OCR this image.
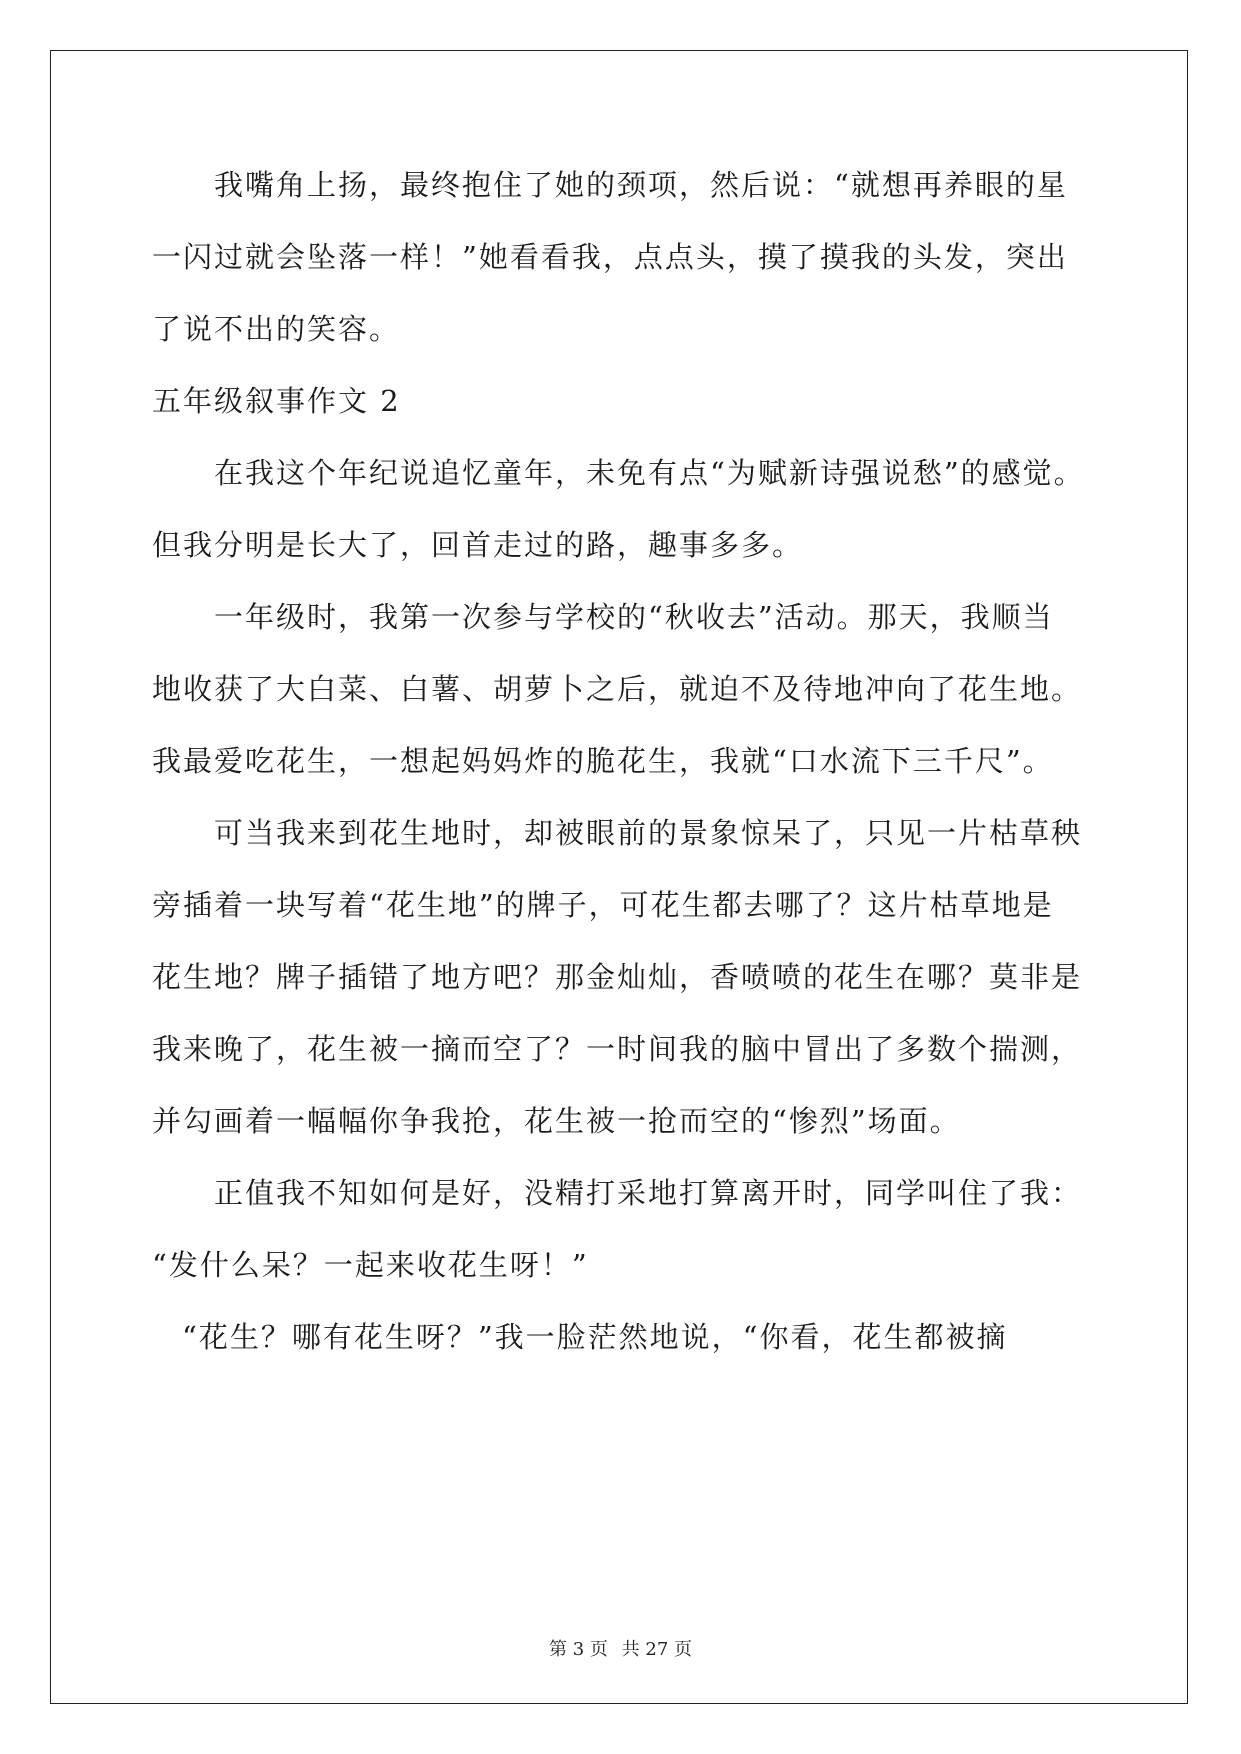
我嘴角上扬，最终抱住了她的颈项，然后说：“就想再养眼的星
一闪过就会坠落一样！”她看看我，点点头，摸了摸我的头发，突出
了说不出的笑容。
五年级叙事作文 2
在我这个年纪说追忆童年，未免有点“为赋新诗强说愁”的感觉。
但我分明是长大了，回首走过的路，趣事多多。
一年级时，我第一次参与学校的“秋收去”活动。那天，我顺当
地收获了大白菜、白薯、胡萝卜之后，就迫不及待地冲向了花生地。
我最爱吃花生，一想起妈妈炸的脆花生，我就“口水流下三千尺”。
可当我来到花生地时，却被眼前的景象惊呆了，只见一片枯草秧
旁插着一块写着“花生地”的牌子，可花生都去哪了？这片枯草地是
花生地？牌子插错了地方吧？那金灿灿，香喷喷的花生在哪？莫非是
我来晚了，花生被一摘而空了？一时间我的脑中冒出了多数个揣测，
并勾画着一幅幅你争我抢，花生被一抢而空的“惨烈”场面。
正值我不知如何是好，没精打采地打算离开时，同学叫住了我：
“发什么呆？一起来收花生呀！”
“花生？哪有花生呀？”我一脸茫然地说，“你看，花生都被摘
第 3 页 共 27 页
